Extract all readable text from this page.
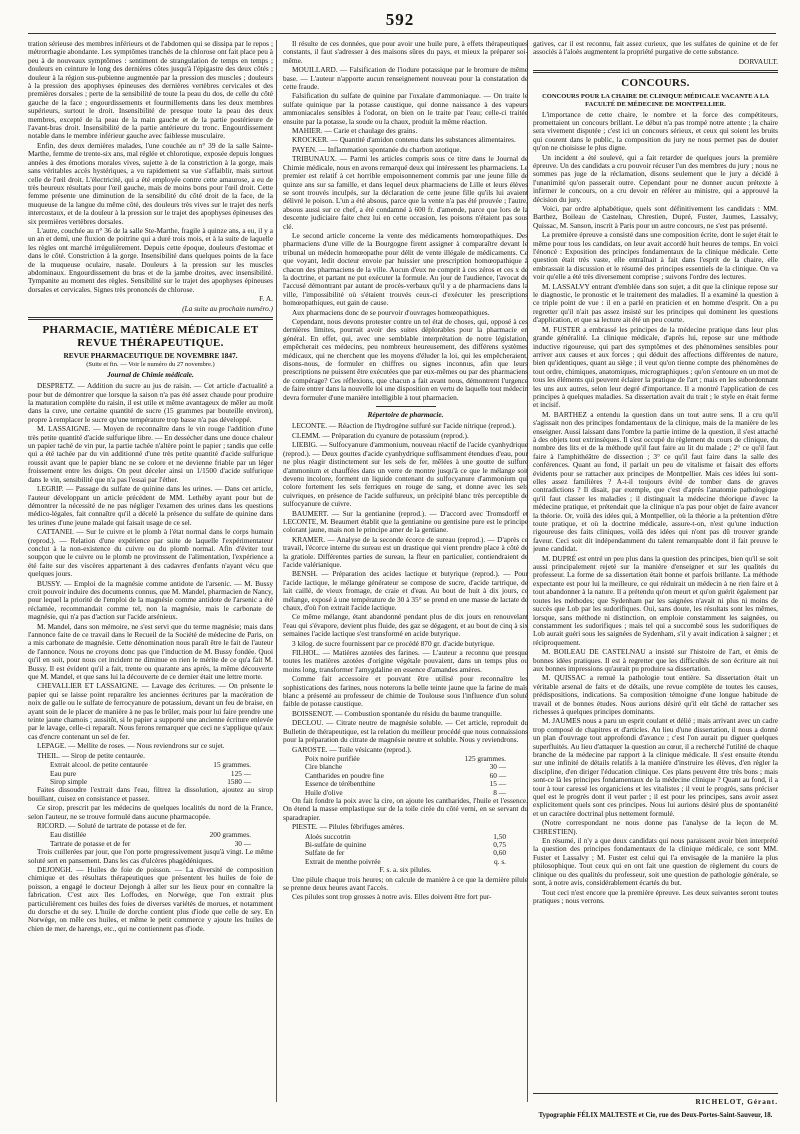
592

tration sérieuse des membres inférieurs et de l'abdomen qui se dissipa par le repos ; métrorrhagie abondante. Les symptômes tranchés de la chlorose ont fait place peu à peu à de nouveaux symptômes : sentiment de strangulation de temps en temps ; douleurs en ceinture le long des dernières côtes jusqu'à l'épigastre des deux côtés ; douleur à la région sus-pubienne augmentée par la pression des muscles ; douleurs à la pression des apophyses épineuses des dernières vertèbres cervicales et des premières dorsales ; perte de la sensibilité de toute la peau du dos, de celle du côté gauche de la face ; engourdissements et fourmillements dans les deux membres supérieurs, surtout le droit. Insensibilité de presque toute la peau des deux membres, excepté de la peau de la main gauche et de la partie postérieure de l'avant-bras droit. Insensibilité de la partie antérieure du tronc. Engourdissement notable dans le membre inférieur gauche avec faiblesse musculaire.

Enfin, des deux dernières malades, l'une couchée au n° 39 de la salle Sainte-Marthe, femme de trente-six ans, mal réglée et chlorotique, exposée depuis longues années à des émotions morales vives, sujette à de la constriction à la gorge, mais sans véritables accès hystériques, a vu rapidement sa vue s'affaiblir, mais surtout celle de l'œil droit. L'électricité, qui a été employée contre cette amaurose, a eu de très heureux résultats pour l'œil gauche, mais de moins bons pour l'œil droit. Cette femme présente une diminution de la sensibilité du côté droit de la face, de la muqueuse de la langue du même côté, des douleurs très vives sur le trajet des nerfs intercostaux, et de la douleur à la pression sur le trajet des apophyses épineuses des six premières vertèbres dorsales.

L'autre, couchée au n° 36 de la salle Ste-Marthe, fragile à quinze ans, a eu, il y a un an et demi, une fluxion de poitrine qui a duré trois mois, et à la suite de laquelle les règles ont marché irrégulièrement. Depuis cette époque, douleurs d'estomac et dans le côté. Constriction à la gorge. Insensibilité dans quelques points de la face de la muqueuse oculaire, nasale. Douleurs à la pression sur les muscles abdominaux. Engourdissement du bras et de la jambe droites, avec insensibilité. Tympanite au moment des règles. Sensibilité sur le trajet des apophyses épineuses dorsales et cervicales. Signes très prononcés de chlorose.

F. A.

(La suite au prochain numéro.)

PHARMACIE, MATIÈRE MÉDICALE ET REVUE THÉRAPEUTIQUE.
REVUE PHARMACEUTIQUE DE NOVEMBRE 1847.
(Suite et fin. — Voir le numéro du 27 novembre.)
Journal de Chimie médicale.

DESPRETZ. — Addition du sucre au jus de raisin. — Cet article d'actualité a pour but de démontrer que lorsque la saison n'a pas été assez chaude pour produire la maturation complète du raisin, il est utile et même avantageux de mêler au moût dans la cuve, une certaine quantité de sucre (15 grammes par bouteille environ), propre à remplacer le sucre qu'une température trop basse n'a pas développé.

M. LASSAIGNE. — Moyen de reconnaître dans le vin rouge l'addition d'une très petite quantité d'acide sulfurique libre. — En dessécher dans une douce chaleur un papier taché de vin pur, la partie tachée n'altère point le papier ; tandis que celle qui a été tachée par du vin additionné d'une très petite quantité d'acide sulfurique roussit avant que le papier blanc ne se colore et ne devienne friable par un léger froissement entre les doigts. On peut déceler ainsi un 1/1500 d'acide sulfurique dans le vin, sensibilité que n'a pas l'essai par l'éther.

LEGRIP. — Passage du sulfate de quinine dans les urines. — Dans cet article, l'auteur développant un article précédent de MM. Lethéby ayant pour but de démontrer la nécessité de ne pas négliger l'examen des urines dans les questions médico-légales, fait connaître qu'il a décelé la présence du sulfate de quinine dans les urines d'une jeune malade qui faisait usage de ce sel.

CATTANEI. — Sur le cuivre et le plomb à l'état normal dans le corps humain (reprod.). — Relation d'une expérience par suite de laquelle l'expérimentateur conclut à la non-existence du cuivre ou du plomb normal. Afin d'éviter tout soupçon que le cuivre ou le plomb ne provinssent de l'alimentation, l'expérience a été faite sur des viscères appartenant à des cadavres d'enfants n'ayant vécu que quelques jours.

BUSSY. — Emploi de la magnésie comme antidote de l'arsenic. — M. Bussy croit pouvoir induire des documents connus, que M. Mandel, pharmacien de Nancy, pour lequel la priorité de l'emploi de la magnésie comme antidote de l'arsenic a été réclamée, recommandait comme tel, non la magnésie, mais le carbonate de magnésie, qui n'a pas d'action sur l'acide arsénieux.

M. Mandel, dans son mémoire, ne s'est servi que du terme magnésie; mais dans l'annonce faite de ce travail dans le Recueil de la Société de médecine de Paris, on a mis carbonate de magnésie. Cette dénomination nous paraît être le fait de l'auteur de l'annonce. Nous ne croyons donc pas que l'induction de M. Bussy fondée. Quoi qu'il en soit, pour nous cet incident ne diminue en rien le mérite de ce qu'a fait M. Bussy. Il est évident qu'il a fait, trente ou quarante ans après, la même découverte que M. Mandel, et que sans lui la découverte de ce dernier était une lettre morte.

CHEVALLIER ET LASSAIGNE. — Lavage des écritures. — On présente le papier qui se laisse point reparaître les anciennes écritures par la macération de noix de galle ou le sulfate de ferrocyanure de potassium, devant un feu de braise, en ayant soin de le placer de manière à ne pas le brûler, mais pour lui faire prendre une teinte jaune chamois ; aussitôt, si le papier a supporté une ancienne écriture enlevée par le lavage, celle-ci reparaît. Nous ferons remarquer que ceci ne s'applique qu'aux cas d'encre contenant un sel de fer.

LEPAGE. — Mellite de roses. — Nous reviendrons sur ce sujet.

THEIL. — Sirop de petite centaurée.

Extrait alcool. de petite centaurée	15 grammes.
Eau pure	125 —
Sirop simple	1580 —

Faites dissoudre l'extrait dans l'eau, filtrez la dissolution, ajoutez au sirop bouillant, cuisez en consistance et passez.

Ce sirop, prescrit par les médecins de quelques localités du nord de la France, selon l'auteur, ne se trouve formulé dans aucune pharmacopée.

RICORD. — Soluté de tartrate de potasse et de fer.

Eau distillée	200 grammes.
Tartrate de potasse et de fer	30 —

Trois cuillerées par jour, que l'on porte progressivement jusqu'à vingt. Le même soluté sert en pansement. Dans les cas d'ulcères phagédéniques.

DEJONGH. — Huiles de foie de poisson. — La diversité de composition chimique et des résultats thérapeutiques que présentent les huiles de foie de poisson, a engagé le docteur Dejongh à aller sur les lieux pour en connaître la fabrication. C'est aux îles Loffodes, en Norwège, que l'on extrait plus particulièrement ces huiles des foies de diverses variétés de morues, et notamment du dorsche et du sey. L'huile de dorche contient plus d'iode que celle de sey. En Norwège, on mêle ces huiles, et même le petit commerce y ajoute les huiles de chien de mer, de harengs, etc., qui ne contiennent pas d'iode.

Il résulte de ces données, que pour avoir une huile pure, à effets thérapeutiques constants, il faut s'adresser à des maisons sûres du pays, et mieux la préparer soi-même.

MOUILLARD. — Falsification de l'iodure potassique par le bromure de même base. — L'auteur n'apporte aucun renseignement nouveau pour la constatation de cette fraude.

Falsification du sulfate de quinine par l'oxalate d'ammoniaque. — On traite le sulfate quinique par la potasse caustique, qui donne naissance à des vapeurs ammoniacales sensibles à l'odorat, on bien on le traite par l'eau; celle-ci traitée ensuite par la potasse, la soude ou la chaux, produit la même réaction.

MAHIER. — Carie et chaulage des grains.

KROCKER. — Quantité d'amidon contenu dans les substances alimentaires.

PAYEN. — Inflammation spontanée du charbon azotique.

TRIBUNAUX. — Parmi les articles compris sous ce titre dans le Journal de Chimie médicale, nous en avons remarqué deux qui intéressent les pharmaciens. Le premier est relatif à cet horrible empoisonnement commis par une jeune fille de quinze ans sur sa famille, et dans lequel deux pharmaciens de Lille et leurs élèves se sont trouvés inculpés, sur la déclaration de cette jeune fille qu'ils lui avaient délivré le poison. L'un a été absous, parce que la vente n'a pas été prouvée ; l'autre, absous aussi sur ce chef, a été condamné à 600 fr. d'amende, parce que lors de la descente judiciaire faite chez lui en cette occasion, les poisons n'étaient pas sous clé.

Le second article concerne la vente des médicaments homœopathiques. Des pharmaciens d'une ville de la Bourgogne firent assigner à comparaître devant le tribunal un médecin homœopathe pour délit de vente illégale de médicaments. Ce que voyant, ledit docteur envoie par huissier une prescription homœopathique à chacun des pharmaciens de la ville. Aucun d'eux ne comprit à ces zéros et ces x de la doctrine, et partant ne put exécuter la formule. Au jour de l'audience, l'avocat de l'accusé démontrant par autant de procès-verbaux qu'il y a de pharmaciens dans la ville, l'impossibilité où s'étaient trouvés ceux-ci d'exécuter les prescriptions homœopathiques, eut gain de cause.

Aux pharmaciens donc de se pourvoir d'ouvrages homœopathiques.

Cependant, nous devons protester contre un tel état de choses, qui, opposé à ces dernières limites, pourrait avoir des suites déplorables pour la pharmacie en général. En effet, qui, avec une semblable interprétation de notre législation, empêcherait ces médecins, peu nombreux heureusement, des différens systèmes médicaux, qui ne cherchent que les moyens d'éluder la loi, qui les empêcheraient, disons-nous, de formuler en chiffres ou signes inconnus, afin que leurs prescriptions ne puissent être exécutées que par eux-mêmes ou par des pharmaciens de compérage? Ces réflexions, que chacun a fait avant nous, démontrent l'urgence de faire entrer dans la nouvelle loi une disposition en vertu de laquelle tout médecin devra formuler d'une manière intelligible à tout pharmacien.

Répertoire de pharmacie.

LECONTE. — Réaction de l'hydrogène sulfuré sur l'acide nitrique (reprod.).

CLEMM. — Préparation du cyanure de potassium (reprod.).

LIEBIG. — Sulfocyanure d'ammonium, nouveau réactif de l'acide cyanhydrique (reprod.). — Deux gouttes d'acide cyanhydrique suffisamment étendues d'eau, pour ne plus réagir distinctement sur les sels de fer, mêlées à une goutte de sulfure d'ammonium et chauffées dans un verre de montre jusqu'à ce que le mélange soit devenu incolore, forment un liquide contenant du sulfocyanure d'ammonium qui colore fortement les sels ferriques en rouge de sang, et donne avec les sels cuivriques, en présence de l'acide sulfureux, un précipité blanc très perceptible de sulfocyanure de cuivre.

BAUMERT. — Sur la gentianine (reprod.). — D'accord avec Tromsdorff et LECONTE, M. Beaumert établit que la gentianine ou gentisine pure est le principe colorant jaune, mais non le principe amer de la gentiane.

KRAMER. — Analyse de la seconde écorce de sureau (reprod.). — D'après ce travail, l'écorce interne du sureau est un drastique qui vient prendre place à côté de la gratiole. Différentes parties de sureau, la fleur en particulier, contiendraient de l'acide valérianique.

BENSH. — Préparation des acides lactique et butyrique (reprod.). — Pour l'acide lactique, le mélange générateur se compose de sucre, d'acide tartrique, de lait caillé, de vieux fromage, de craie et d'eau. Au bout de huit à dix jours, ce mélange, exposé à une température de 30 à 35° se prend en une masse de lactate de chaux, d'où l'on extrait l'acide lactique.

Ce même mélange, étant abandonné pendant plus de dix jours en renouvelant l'eau qui s'évapore, devient plus fluide, des gaz se dégagent, et au bout de cinq à six semaines l'acide lactique s'est transformé en acide butyrique.

3 kilog. de sucre fournissent par ce procédé 870 gr. d'acide butyrique.

FILHOL. — Matières azotées des farines. — L'auteur a reconnu que presque toutes les matières azotées d'origine végétale pouvaient, dans un temps plus ou moins long, transformer l'amygdaline en essence d'amandes amères.

Comme fait accessoire et pouvant être utilisé pour reconnaître les sophistications des farines, nous noterons la belle teinte jaune que la farine de maïs blanc a présenté au professeur de chimie de Toulouse sous l'influence d'un soluté faible de potasse caustique.

BOISSENOT. — Combustion spontanée du résidu du baume tranquille.

DECLOU. — Citrate neutre de magnésie soluble. — Cet article, reproduit du Bulletin de thérapeutique, est la relation du meilleur procédé que nous connaissions pour la préparation du citrate de magnésie neutre et soluble. Nous y reviendrons.

GAROSTE. — Toile vésicante (reprod.).

Poix noire purifiée	125 grammes.
Cire blanche	30 —
Cantharides en poudre fine	60 —
Essence de térébenthine	15 —
Huile d'olive	8 —

On fait fondre la poix avec la cire, on ajoute les cantharides, l'huile et l'essence. On étend la masse emplastique sur de la toile cirée du côté verni, en se servant du sparadrapier.

PIESTE. — Pilules fébrifuges amères.

Aloès succotrin	1,50
Bi-sulfate de quinine	0,75
Sulfate de fer	0,60
Extrait de menthe poivrée	q. s.

F. s. a. six pilules.

Une pilule chaque trois heures; on calcule de manière à ce que la dernière pilule se prenne deux heures avant l'accès.

Ces pilules sont trop grosses à notre avis. Elles doivent être fort pur-

gatives, car il est reconnu, fait assez curieux, que les sulfates de quinine et de fer associés à l'aloès augmentent la propriété purgative de cette substance.

DORVAULT.

CONCOURS.
CONCOURS POUR LA CHAIRE DE CLINIQUE MÉDICALE VACANTE A LA FACULTÉ DE MÉDECINE DE MONTPELLIER.

L'importance de cette chaire, le nombre et la force des compétiteurs, promettaient un concours brillant. Le début n'a pas trompé notre attente ; la chaire sera vivement disputée ; c'est ici un concours sérieux, et ceux qui soient les bruits qui courent dans le public, la composition du jury ne nous permet pas de douter qu'on ne choisisse le plus digne.

Un incident a été soulevé, qui a fait retarder de quelques jours la première épreuve. Un des candidats a cru pouvoir récuser l'un des membres du jury ; nous ne sommes pas juge de la réclamation, disons seulement que le jury a décidé à l'unanimité qu'on passerait outre. Cependant pour ne donner aucun prétexte à infirmer le concours, on a cru devoir en référer au ministre, qui a approuvé la décision du jury.

Voici, par ordre alphabétique, quels sont définitivement les candidats : MM. Barthez, Boileau de Castelnau, Chrestien, Dupré, Fuster, Jaumes, Lassalvy, Quissac, M. Sanson, inscrit à Paris pour un autre concours, ne s'est pas présenté.

La première épreuve a consisté dans une composition écrite, dont le sujet était le même pour tous les candidats, on leur avait accordé huit heures de temps. En voici l'énoncé : Exposition des principes fondamentaux de la clinique médicale. Cette question était très vaste, elle entraînait à fait dans l'esprit de la chaire, elle embrassait la discussion et le résumé des principes essentiels de la clinique. On va voir qu'elle a été très diversement comprise ; suivons l'ordre des lectures.

M. LASSALVY entrant d'emblée dans son sujet, a dit que la clinique repose sur le diagnostic, le pronostic et le traitement des maladies. Il a examiné la question à ce triple point de vue : il en a parlé en praticien et en homme d'esprit. On a pu regretter qu'il n'ait pas assez insisté sur les principes qui dominent les questions d'application, et que sa lecture ait été un peu courte.

M. FUSTER a embrassé les principes de la médecine pratique dans leur plus grande généralité. La clinique médicale, d'après lui, repose sur une méthode inductive rigoureuse, qui part des symptômes et des phénomènes sensibles pour arriver aux causes et aux forces ; qui déduit des affections différentes de nature, bien qu'identiques, quant au siège ; il veut qu'on tienne compte des phénomènes de tout ordre, chimiques, anatomiques, micrographiques ; qu'on s'entoure en un mot de tous les éléments qui peuvent éclairer la pratique de l'art ; mais en les subordonnant les uns aux autres, selon leur degré d'importance. Il a montré l'application de ces principes à quelques maladies. Sa dissertation avait du trait ; le style en était ferme et incisif.

M. BARTHEZ a entendu la question dans un tout autre sens. Il a cru qu'il s'agissait non des principes fondamentaux de la clinique, mais de la manière de les enseigner. Aussi laissant dans l'ombre la partie intime de la question, il s'est attaché à des objets tout extrinsèques. Il s'est occupé du règlement du cours de clinique, du nombre des lits et de la méthode qu'il faut faire au lit du malade ; 2° ce qu'il faut faire à l'amphithéâtre de dissection ; 3° ce qu'il faut faire dans la salle des conférences. Quant au fond, il parlait un peu de vitalisme et faisait des efforts évidents pour se rattacher aux principes de Montpellier. Mais ces idées lui sont-elles assez familières ? A-t-il toujours évité de tomber dans de graves contradictions ? Il disait, par exemple, que c'est d'après l'anatomie pathologique qu'il faut classer les maladies ; il distinguait la médecine théorique d'avec la médecine pratique, et prétendait que la clinique n'a pas pour objet de faire avancer la théorie. Or, voilà des idées qui, à Montpellier, où la théorie a la prétention d'être toute pratique, et où la doctrine médicale, assure-t-on, n'est qu'une induction rigoureuse des faits cliniques, voilà des idées qui n'ont pas dû trouver grande faveur. Ceci soit dit indépendamment du talent remarquable dont il fait preuve le jeune candidat.

M. DUPRÉ est entré un peu plus dans la question des principes, bien qu'il se soit aussi principalement rejeté sur la manière d'enseigner et sur les qualités du professeur. La forme de sa dissertation était bonne et parfois brillante. La méthode expectante est pour lui la meilleure, ce qui réduirait un médecin à ne rien faire et à tout abandonner à la nature. Il a prétendu qu'on meurt et qu'on guérit également par toutes les méthodes; que Sydenham par les saignées n'avait ni plus ni moins de succès que Lob par les sudorifiques. Oui, sans doute, les résultats sont les mêmes, lorsque, sans méthode ni distinction, on emploie constamment les saignées, ou constamment les sudorifiques ; mais tel qui a succombé sous les sudorifiques de Lob aurait guéri sous les saignées de Sydenham, s'il y avait indication à saigner ; et réciproquement.

M. BOILEAU DE CASTELNAU a insisté sur l'histoire de l'art, et émis de bonnes idées pratiques. Il est à regretter que les difficultés de son écriture ait nui aux bonnes impressions qu'aurait pu produire sa dissertation.

M. QUISSAC a remué la pathologie tout entière. Sa dissertation était un véritable arsenal de faits et de détails, une revue complète de toutes les causes, prédispositions, indications. Sa composition témoigne d'une longue habitude de travail et de bonnes études. Nous aurions désiré qu'il eût tâché de rattacher ses richesses à quelques principes dominants.

M. JAUMES nous a paru un esprit coulant et délié ; mais arrivant avec un cadre trop composé de chapitres et d'articles. Au lieu d'une dissertation, il nous a donné un plan d'ouvrage tout approfondi d'avance ; c'est l'on aurait pu diguer quelques superfluités. Au lieu d'attaquer la question au cœur, il a recherché l'utilité de chaque branche de la médecine par rapport à la clinique médicale. Il s'est ensuite étendu sur une infinité de détails relatifs à la manière d'instruire les élèves, d'en régler la discipline, d'en diriger l'éducation clinique. Ces plans peuvent être très bons ; mais sont-ce là les principes fondamentaux de la médecine clinique ? Quant au fond, il a tour à tour caressé les organiciens et les vitalistes ; il veut le progrès, sans préciser quel est le progrès dont il veut parler ; il est pour les principes, sans avoir assez explicitement quels sont ces principes. Nous lui aurions désiré plus de spontanéité et un caractère doctrinal plus nettement formulé.

(Notre correspondant ne nous donne pas l'analyse de la leçon de M. CHRESTIEN).

En résumé, il n'y a que deux candidats qui nous paraissent avoir bien interprété la question des principes fondamentaux de la clinique médicale, ce sont MM. Fuster et Lassalvy ; M. Fuster est celui qui l'a envisagée de la manière la plus philosophique. Tout ceux qui en ont fait une question de règlement du cours de clinique ou des qualités du professeur, soit une question de pathologie générale, se sont, à notre avis, considérablement écartés du but.

Tout ceci n'est encore que la première épreuve. Les deux suivantes seront toutes pratiques ; nous verrons.

RICHELOT, Gérant.
Typographie FÉLIX MALTESTE et Cie, rue des Deux-Portes-Saint-Sauveur, 18.
